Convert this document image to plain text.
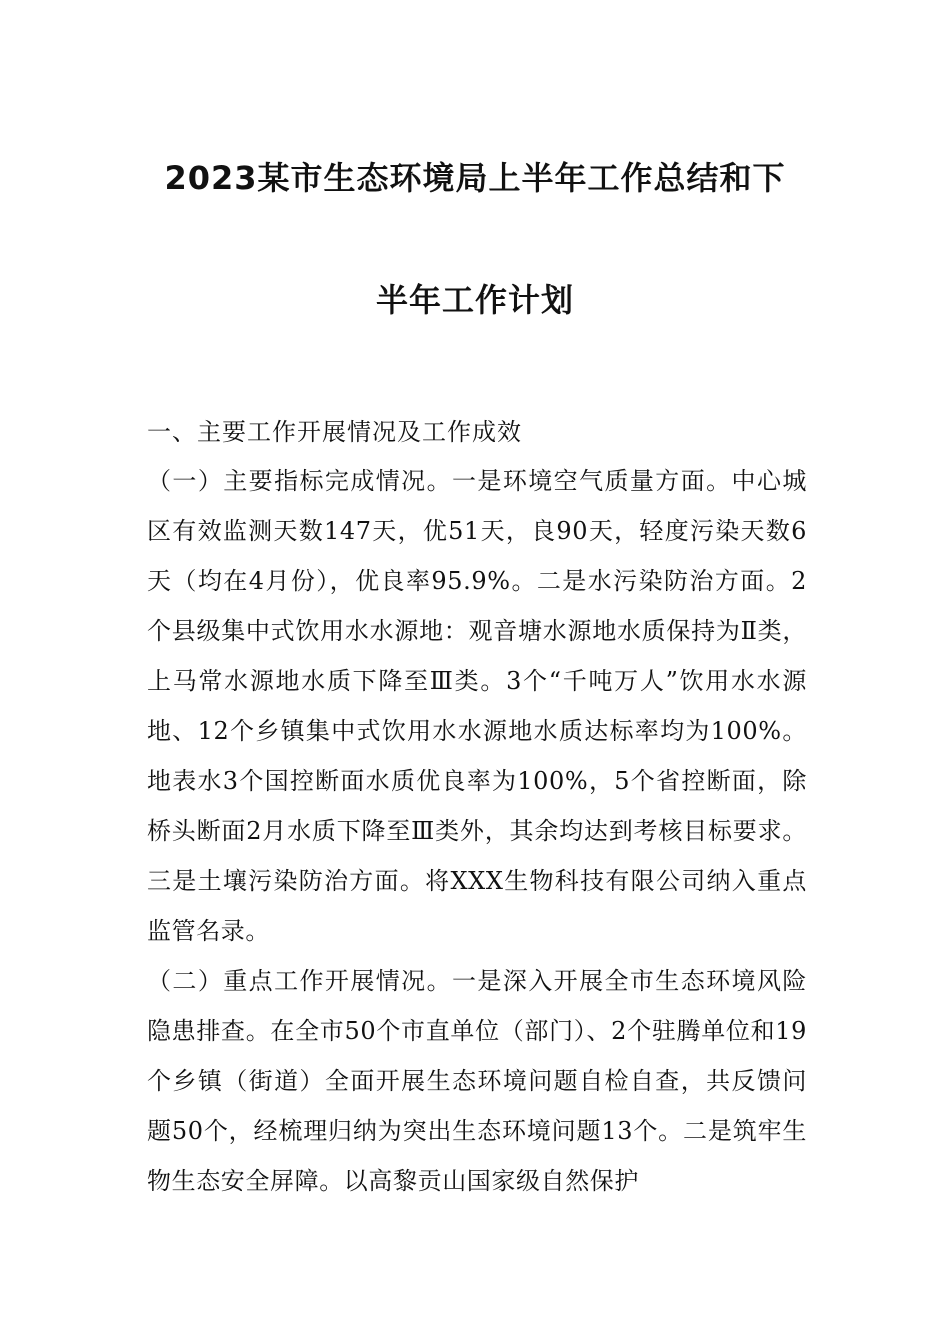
2023某市生态环境局上半年工作总结和下
半年工作计划
一、主要工作开展情况及工作成效

（一）主要指标完成情况。一是环境空气质量方面。中心城区有效监测天数147天，优51天，良90天，轻度污染天数6天（均在4月份），优良率95.9%。二是水污染防治方面。2个县级集中式饮用水水源地：观音塘水源地水质保持为Ⅱ类，上马常水源地水质下降至Ⅲ类。3个“千吨万人”饮用水水源地、12个乡镇集中式饮用水水源地水质达标率均为100%。地表水3个国控断面水质优良率为100%，5个省控断面，除桥头断面2月水质下降至Ⅲ类外，其余均达到考核目标要求。三是土壤污染防治方面。将XXX生物科技有限公司纳入重点监管名录。

（二）重点工作开展情况。一是深入开展全市生态环境风险隐患排查。在全市50个市直单位（部门）、2个驻腾单位和19个乡镇（街道）全面开展生态环境问题自检自查，共反馈问题50个，经梳理归纳为突出生态环境问题13个。二是筑牢生物生态安全屏障。以高黎贡山国家级自然保护
